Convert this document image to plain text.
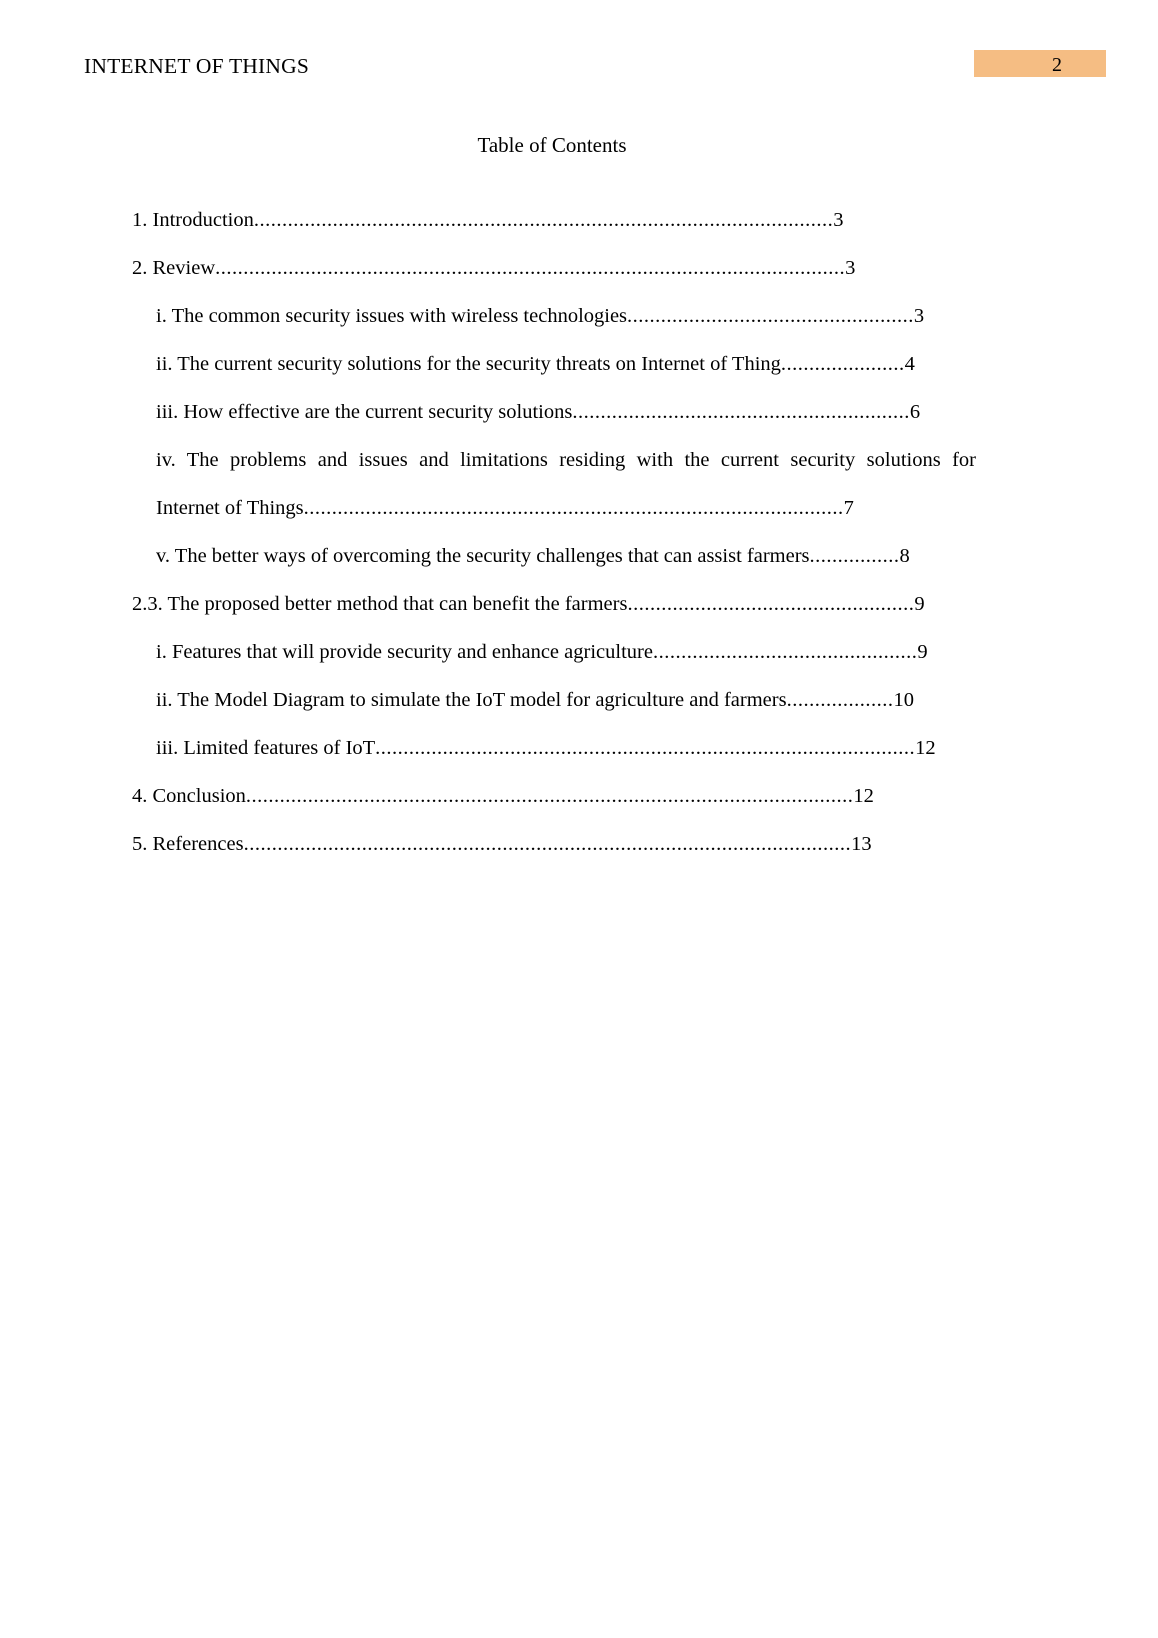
INTERNET OF THINGS	2
Table of Contents
1. Introduction.......................................................................................................3
2. Review................................................................................................................3
i. The common security issues with wireless technologies...................................................3
ii. The current security solutions for the security threats on Internet of Thing......................4
iii. How effective are the current security solutions............................................................6
iv. The problems and issues and limitations residing with the current security solutions for
Internet of Things................................................................................................7
v. The better ways of overcoming the security challenges that can assist farmers................8
2.3. The proposed better method that can benefit the farmers...................................................9
i. Features that will provide security and enhance agriculture...............................................9
ii. The Model Diagram to simulate the IoT model for agriculture and farmers...................10
iii. Limited features of IoT................................................................................................12
4. Conclusion............................................................................................................12
5. References............................................................................................................13
